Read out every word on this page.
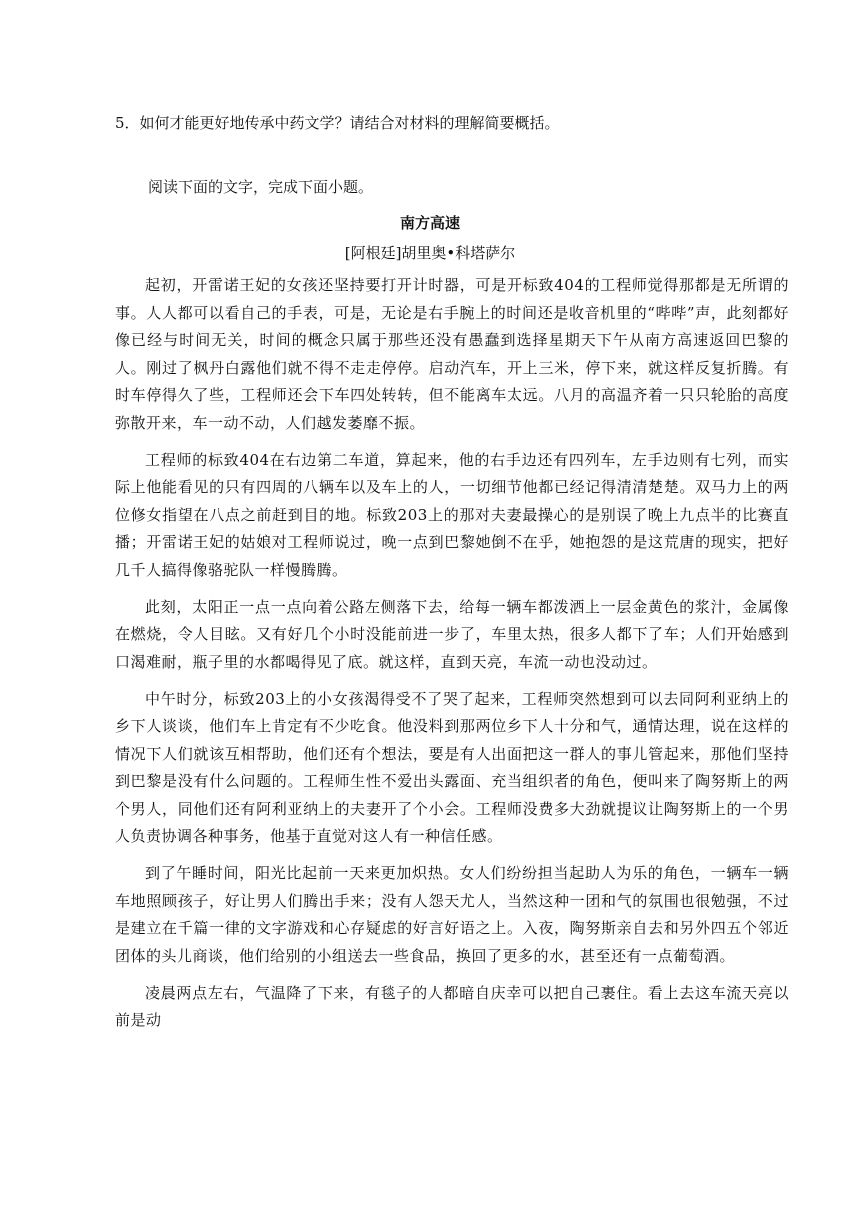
5．如何才能更好地传承中药文学？请结合对材料的理解简要概括。
阅读下面的文字，完成下面小题。
南方高速
[阿根廷]胡里奥•科塔萨尔

起初，开雷诺王妃的女孩还坚持要打开计时器，可是开标致404的工程师觉得那都是无所谓的事。人人都可以看自己的手表，可是，无论是右手腕上的时间还是收音机里的“哔哔”声，此刻都好像已经与时间无关，时间的概念只属于那些还没有愚蠢到选择星期天下午从南方高速返回巴黎的人。刚过了枫丹白露他们就不得不走走停停。启动汽车，开上三米，停下来，就这样反复折腾。有时车停得久了些，工程师还会下车四处转转，但不能离车太远。八月的高温齐着一只只轮胎的高度弥散开来，车一动不动，人们越发萎靡不振。

工程师的标致404在右边第二车道，算起来，他的右手边还有四列车，左手边则有七列，而实际上他能看见的只有四周的八辆车以及车上的人，一切细节他都已经记得清清楚楚。双马力上的两位修女指望在八点之前赶到目的地。标致203上的那对夫妻最操心的是别误了晚上九点半的比赛直播；开雷诺王妃的姑娘对工程师说过，晚一点到巴黎她倒不在乎，她抱怨的是这荒唐的现实，把好几千人搞得像骆驼队一样慢腾腾。

此刻，太阳正一点一点向着公路左侧落下去，给每一辆车都泼洒上一层金黄色的浆汁，金属像在燃烧，令人目眩。又有好几个小时没能前进一步了，车里太热，很多人都下了车；人们开始感到口渴难耐，瓶子里的水都喝得见了底。就这样，直到天亮，车流一动也没动过。

中午时分，标致203上的小女孩渴得受不了哭了起来，工程师突然想到可以去同阿利亚纳上的乡下人谈谈，他们车上肯定有不少吃食。他没料到那两位乡下人十分和气，通情达理，说在这样的情况下人们就该互相帮助，他们还有个想法，要是有人出面把这一群人的事儿管起来，那他们坚持到巴黎是没有什么问题的。工程师生性不爱出头露面、充当组织者的角色，便叫来了陶努斯上的两个男人，同他们还有阿利亚纳上的夫妻开了个小会。工程师没费多大劲就提议让陶努斯上的一个男人负责协调各种事务，他基于直觉对这人有一种信任感。

到了午睡时间，阳光比起前一天来更加炽热。女人们纷纷担当起助人为乐的角色，一辆车一辆车地照顾孩子，好让男人们腾出手来；没有人怨天尤人，当然这种一团和气的氛围也很勉强，不过是建立在千篇一律的文字游戏和心存疑虑的好言好语之上。入夜，陶努斯亲自去和另外四五个邻近团体的头儿商谈，他们给别的小组送去一些食品，换回了更多的水，甚至还有一点葡萄酒。

凌晨两点左右，气温降了下来，有毯子的人都暗自庆幸可以把自己裹住。看上去这车流天亮以前是动
